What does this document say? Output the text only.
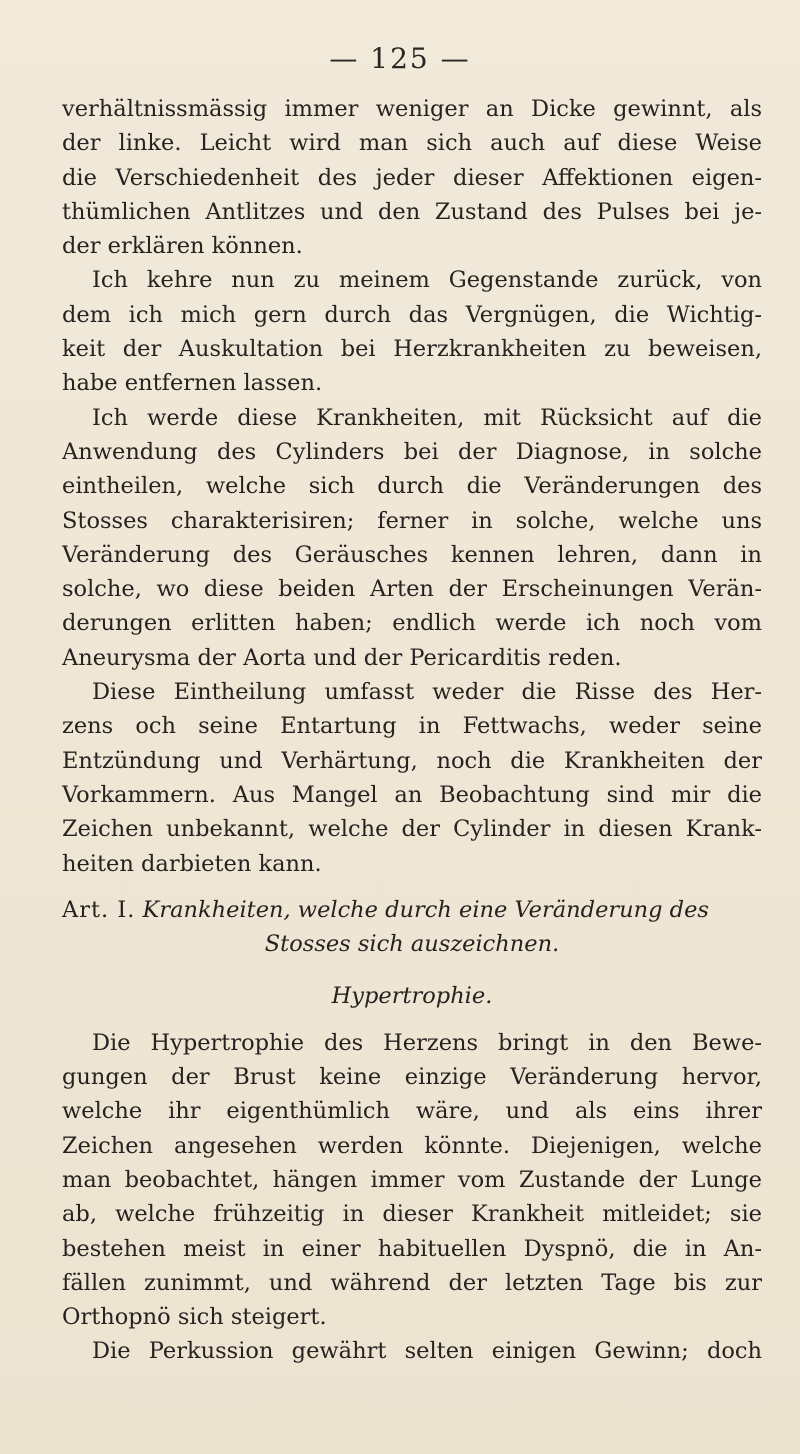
— 125 —
verhältnissmässig immer weniger an Dicke gewinnt, als
der linke. Leicht wird man sich auch auf diese Weise
die Verschiedenheit des jeder dieser Affektionen eigen-
thümlichen Antlitzes und den Zustand des Pulses bei je-
der erklären können.
Ich kehre nun zu meinem Gegenstande zurück, von
dem ich mich gern durch das Vergnügen, die Wichtig-
keit der Auskultation bei Herzkrankheiten zu beweisen,
habe entfernen lassen.
Ich werde diese Krankheiten, mit Rücksicht auf die
Anwendung des Cylinders bei der Diagnose, in solche
eintheilen, welche sich durch die Veränderungen des
Stosses charakterisiren; ferner in solche, welche uns
Veränderung des Geräusches kennen lehren, dann in
solche, wo diese beiden Arten der Erscheinungen Verän-
derungen erlitten haben; endlich werde ich noch vom
Aneurysma der Aorta und der Pericarditis reden.
Diese Eintheilung umfasst weder die Risse des Her-
zens och seine Entartung in Fettwachs, weder seine
Entzündung und Verhärtung, noch die Krankheiten der
Vorkammern. Aus Mangel an Beobachtung sind mir die
Zeichen unbekannt, welche der Cylinder in diesen Krank-
heiten darbieten kann.
Art. I. Krankheiten, welche durch eine Veränderung des
Stosses sich auszeichnen.
Hypertrophie.
Die Hypertrophie des Herzens bringt in den Bewe-
gungen der Brust keine einzige Veränderung hervor,
welche ihr eigenthümlich wäre, und als eins ihrer
Zeichen angesehen werden könnte. Diejenigen, welche
man beobachtet, hängen immer vom Zustande der Lunge
ab, welche frühzeitig in dieser Krankheit mitleidet; sie
bestehen meist in einer habituellen Dyspnö, die in An-
fällen zunimmt, und während der letzten Tage bis zur
Orthopnö sich steigert.
Die Perkussion gewährt selten einigen Gewinn; doch
